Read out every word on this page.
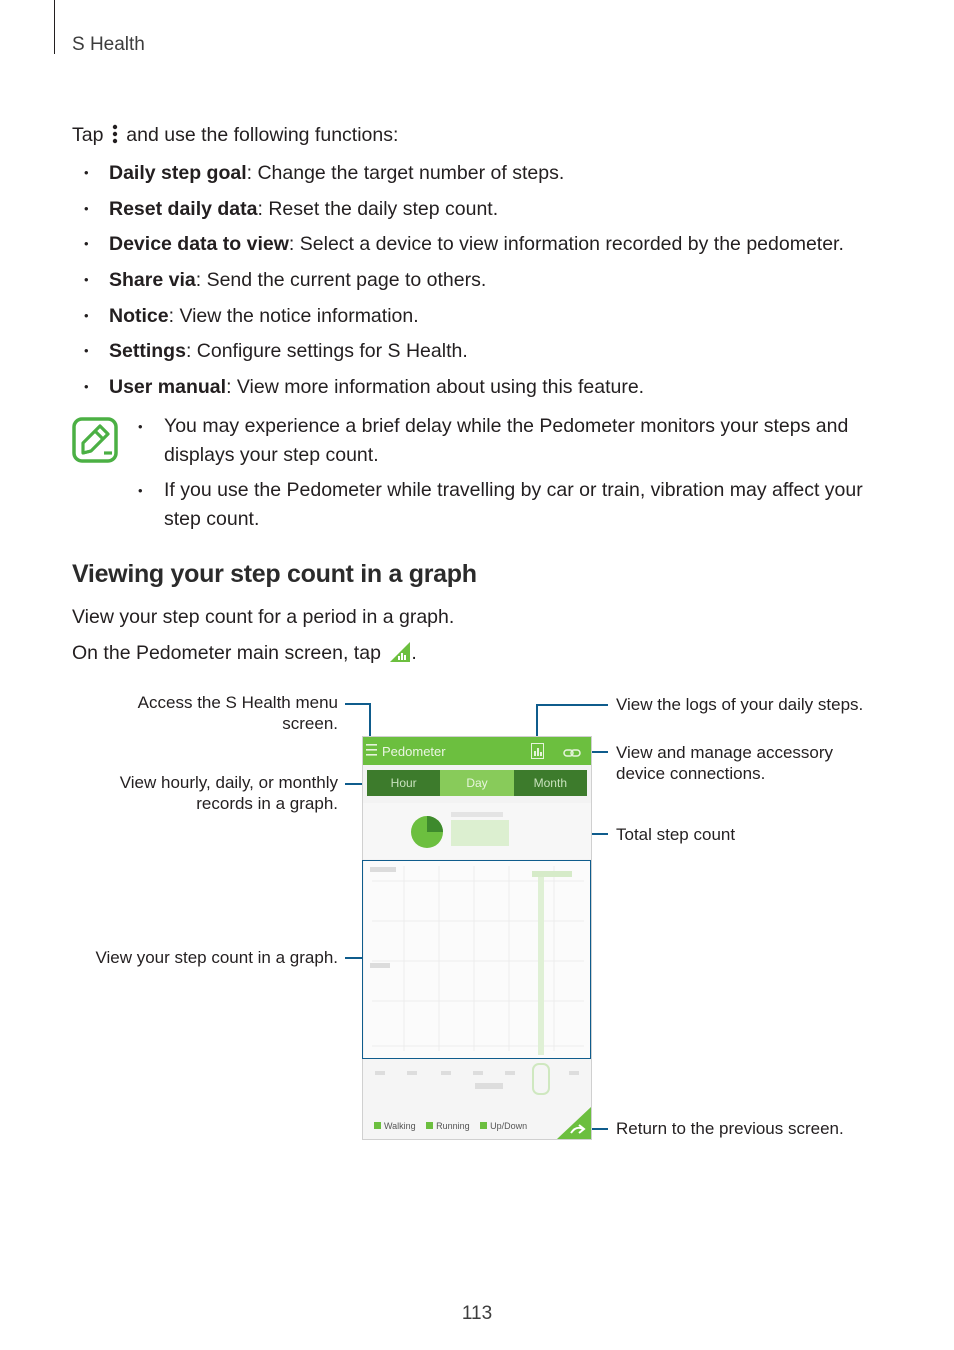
S Health
Tap and use the following functions:
• Daily step goal: Change the target number of steps.
• Reset daily data: Reset the daily step count.
• Device data to view: Select a device to view information recorded by the pedometer.
• Share via: Send the current page to others.
• Notice: View the notice information.
• Settings: Configure settings for S Health.
• User manual: View more information about using this feature.
• You may experience a brief delay while the Pedometer monitors your steps and displays your step count.
• If you use the Pedometer while travelling by car or train, vibration may affect your step count.
Viewing your step count in a graph
View your step count for a period in a graph.
On the Pedometer main screen, tap .
Access the S Health menu
screen.
View hourly, daily, or monthly
records in a graph.
View your step count in a graph.
View the logs of your daily steps.
View and manage accessory
device connections.
Total step count
Return to the previous screen.
Pedometer
Hour	Day	Month
Walking
Running
Up/Down
113
